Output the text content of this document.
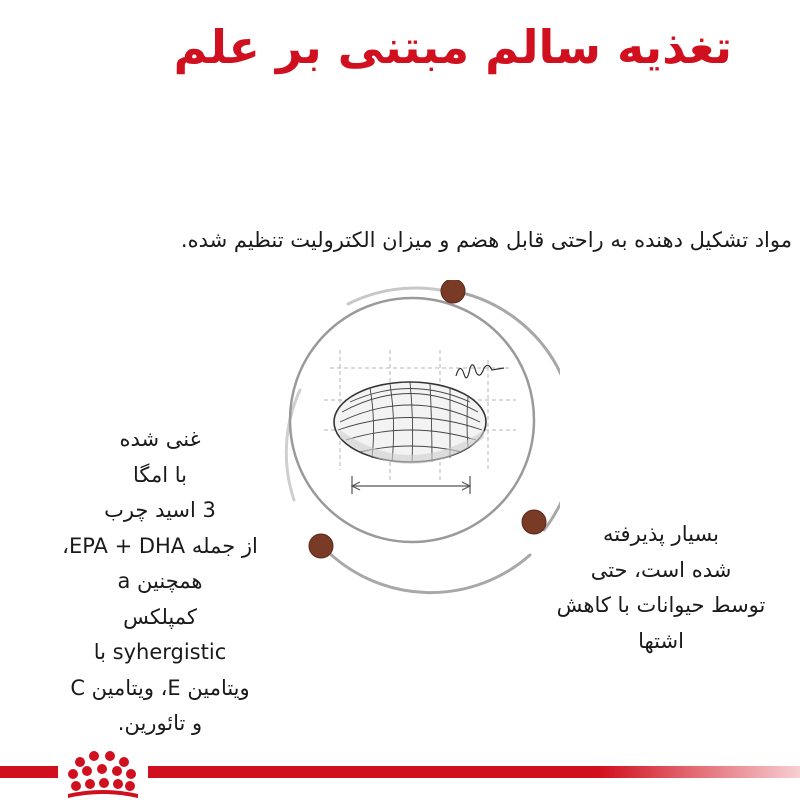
تغذیه سالم مبتنی بر علم

مواد تشکیل دهنده به راحتی قابل هضم و میزان الکترولیت تنظیم شده.

غنی شده
با امگا
3 اسید چرب
از جمله EPA + DHA،
همچنین a
کمپلکس
syhergistic با
ویتامین E، ویتامین C
و تائورین.
بسیار پذیرفته
شده است، حتی
توسط حیوانات با کاهش
اشتها
